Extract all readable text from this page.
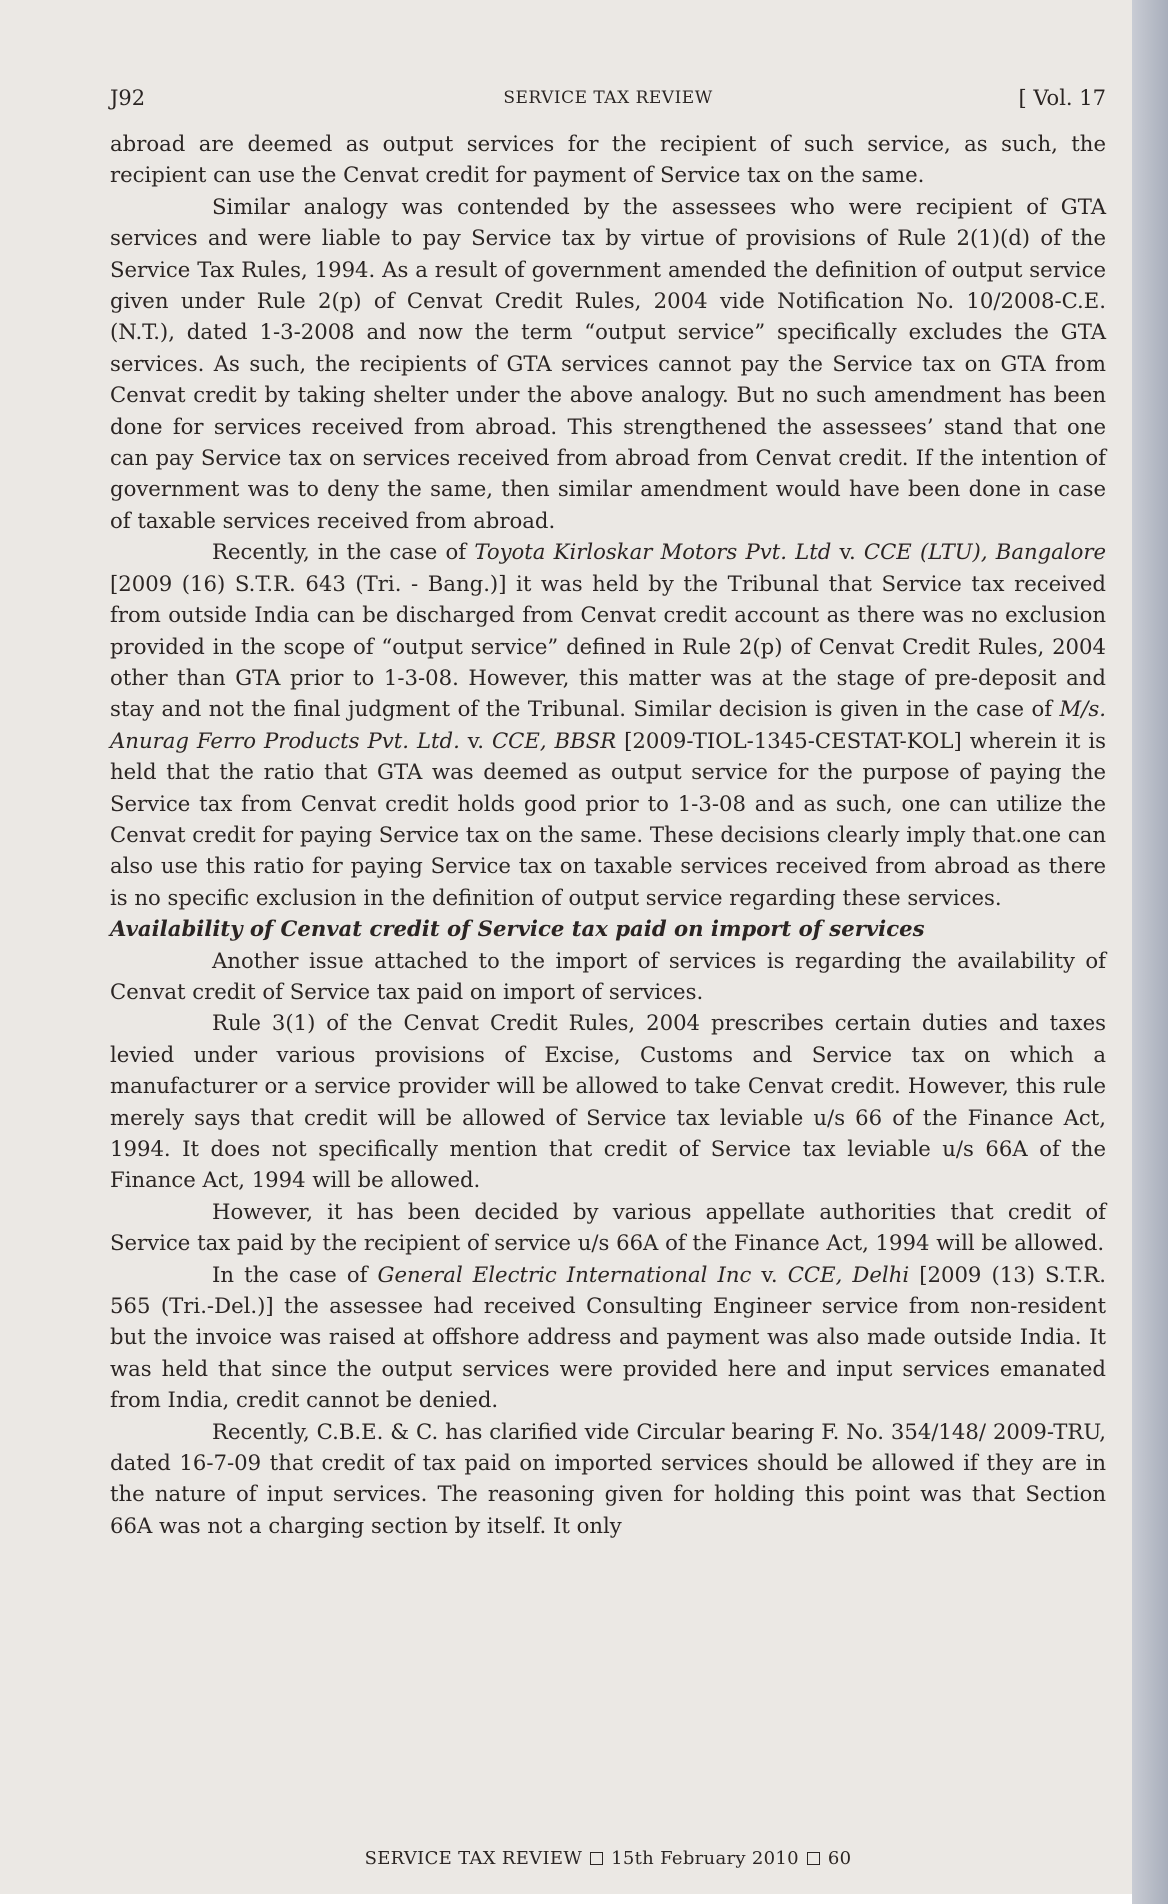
J92	SERVICE TAX REVIEW	[ Vol. 17

abroad are deemed as output services for the recipient of such service, as such, the recipient can use the Cenvat credit for payment of Service tax on the same.

Similar analogy was contended by the assessees who were recipient of GTA services and were liable to pay Service tax by virtue of provisions of Rule 2(1)(d) of the Service Tax Rules, 1994. As a result of government amended the definition of output service given under Rule 2(p) of Cenvat Credit Rules, 2004 vide Notification No. 10/2008-C.E. (N.T.), dated 1-3-2008 and now the term “output service” specifically excludes the GTA services. As such, the recipients of GTA services cannot pay the Service tax on GTA from Cenvat credit by taking shelter under the above analogy. But no such amendment has been done for services received from abroad. This strengthened the assessees’ stand that one can pay Service tax on services received from abroad from Cenvat credit. If the intention of government was to deny the same, then similar amendment would have been done in case of taxable services received from abroad.

Recently, in the case of Toyota Kirloskar Motors Pvt. Ltd v. CCE (LTU), Bangalore [2009 (16) S.T.R. 643 (Tri. - Bang.)] it was held by the Tribunal that Service tax received from outside India can be discharged from Cenvat credit account as there was no exclusion provided in the scope of “output service” defined in Rule 2(p) of Cenvat Credit Rules, 2004 other than GTA prior to 1-3-08. However, this matter was at the stage of pre-deposit and stay and not the final judgment of the Tribunal. Similar decision is given in the case of M/s. Anurag Ferro Products Pvt. Ltd. v. CCE, BBSR [2009-TIOL-1345-CESTAT-KOL] wherein it is held that the ratio that GTA was deemed as output service for the purpose of paying the Service tax from Cenvat credit holds good prior to 1-3-08 and as such, one can utilize the Cenvat credit for paying Service tax on the same. These decisions clearly imply that.one can also use this ratio for paying Service tax on taxable services received from abroad as there is no specific exclusion in the definition of output service regarding these services.

Availability of Cenvat credit of Service tax paid on import of services

Another issue attached to the import of services is regarding the availability of Cenvat credit of Service tax paid on import of services.

Rule 3(1) of the Cenvat Credit Rules, 2004 prescribes certain duties and taxes levied under various provisions of Excise, Customs and Service tax on which a manufacturer or a service provider will be allowed to take Cenvat credit. However, this rule merely says that credit will be allowed of Service tax leviable u/s 66 of the Finance Act, 1994. It does not specifically mention that credit of Service tax leviable u/s 66A of the Finance Act, 1994 will be allowed.

However, it has been decided by various appellate authorities that credit of Service tax paid by the recipient of service u/s 66A of the Finance Act, 1994 will be allowed.

In the case of General Electric International Inc v. CCE, Delhi [2009 (13) S.T.R. 565 (Tri.-Del.)] the assessee had received Consulting Engineer service from non-resident but the invoice was raised at offshore address and payment was also made outside India. It was held that since the output services were provided here and input services emanated from India, credit cannot be denied.

Recently, C.B.E. & C. has clarified vide Circular bearing F. No. 354/148/ 2009-TRU, dated 16-7-09 that credit of tax paid on imported services should be allowed if they are in the nature of input services. The reasoning given for holding this point was that Section 66A was not a charging section by itself. It only

SERVICE TAX REVIEW 15th February 2010 60
